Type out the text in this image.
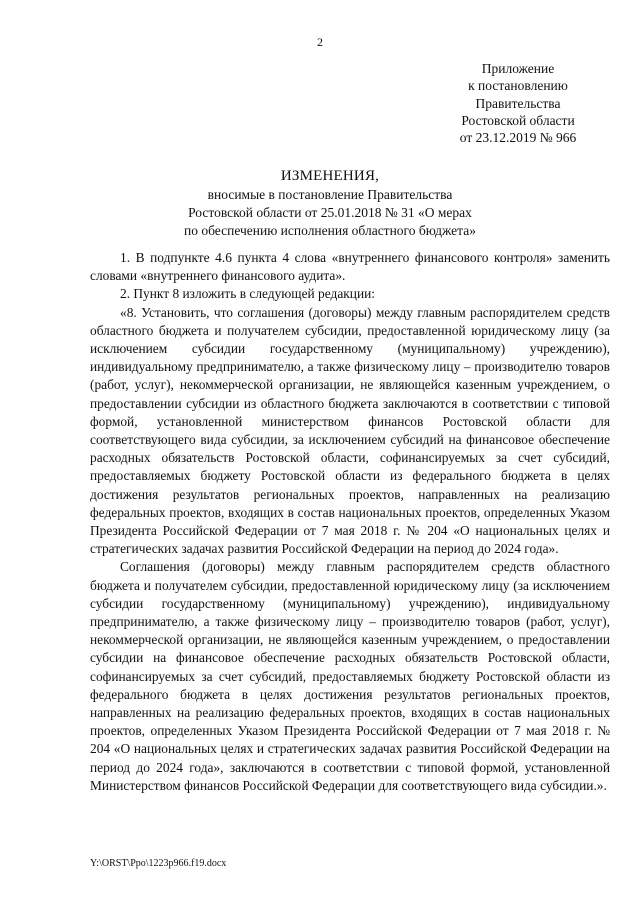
2
Приложение
к постановлению
Правительства
Ростовской области
от 23.12.2019 № 966
ИЗМЕНЕНИЯ,
вносимые в постановление Правительства
Ростовской области от 25.01.2018 № 31 «О мерах
по обеспечению исполнения областного бюджета»

1. В подпункте 4.6 пункта 4 слова «внутреннего финансового контроля» заменить словами «внутреннего финансового аудита».

2. Пункт 8 изложить в следующей редакции:

«8. Установить, что соглашения (договоры) между главным распорядителем средств областного бюджета и получателем субсидии, предоставленной юридическому лицу (за исключением субсидии государственному (муниципальному) учреждению), индивидуальному предпринимателю, а также физическому лицу – производителю товаров (работ, услуг), некоммерческой организации, не являющейся казенным учреждением, о предоставлении субсидии из областного бюджета заключаются в соответствии с типовой формой, установленной министерством финансов Ростовской области для соответствующего вида субсидии, за исключением субсидий на финансовое обеспечение расходных обязательств Ростовской области, софинансируемых за счет субсидий, предоставляемых бюджету Ростовской области из федерального бюджета в целях достижения результатов региональных проектов, направленных на реализацию федеральных проектов, входящих в состав национальных проектов, определенных Указом Президента Российской Федерации от 7 мая 2018 г. № 204 «О национальных целях и стратегических задачах развития Российской Федерации на период до 2024 года».

Соглашения (договоры) между главным распорядителем средств областного бюджета и получателем субсидии, предоставленной юридическому лицу (за исключением субсидии государственному (муниципальному) учреждению), индивидуальному предпринимателю, а также физическому лицу – производителю товаров (работ, услуг), некоммерческой организации, не являющейся казенным учреждением, о предоставлении субсидии на финансовое обеспечение расходных обязательств Ростовской области, софинансируемых за счет субсидий, предоставляемых бюджету Ростовской области из федерального бюджета в целях достижения результатов региональных проектов, направленных на реализацию федеральных проектов, входящих в состав национальных проектов, определенных Указом Президента Российской Федерации от 7 мая 2018 г. № 204 «О национальных целях и стратегических задачах развития Российской Федерации на период до 2024 года», заключаются в соответствии с типовой формой, установленной Министерством финансов Российской Федерации для соответствующего вида субсидии.».

Y:\ORST\Ppo\1223p966.f19.docx
